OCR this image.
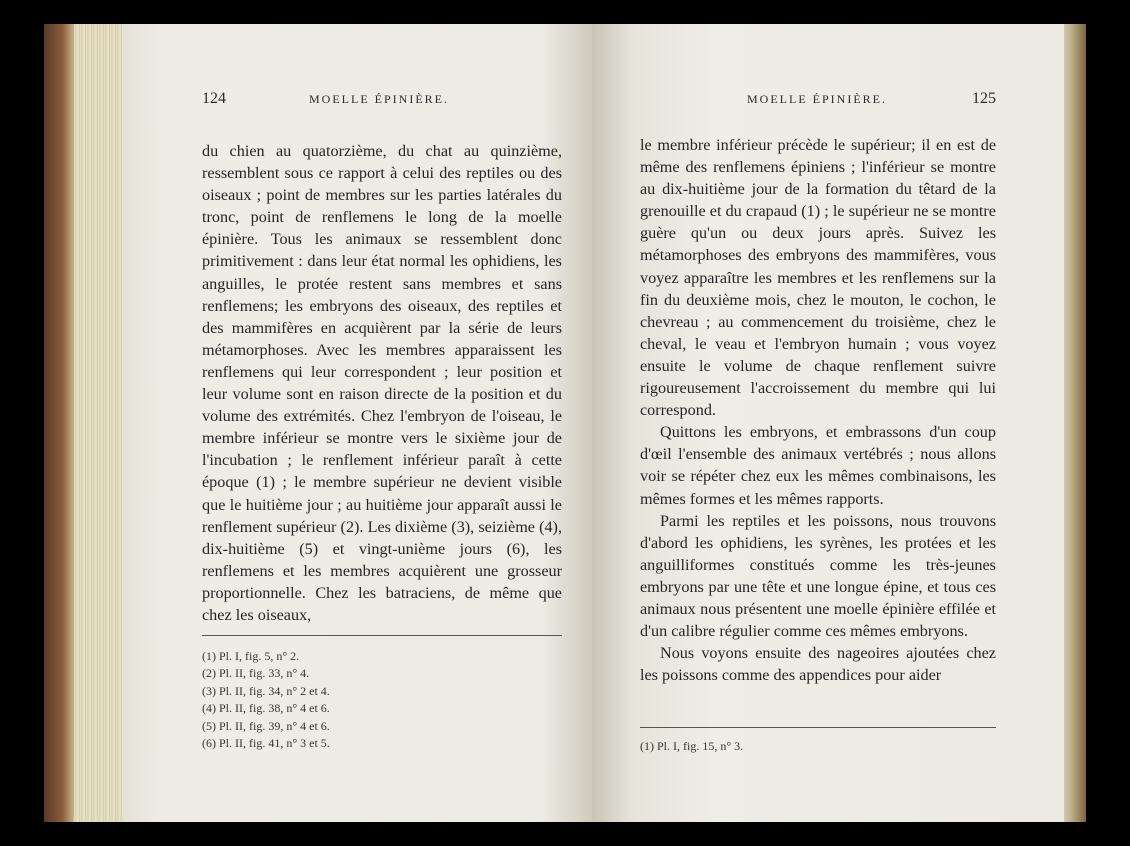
124	MOELLE ÉPINIÈRE.

du chien au quatorzième, du chat au quinzième, ressemblent sous ce rapport à celui des reptiles ou des oiseaux ; point de membres sur les parties latérales du tronc, point de renflemens le long de la moelle épinière. Tous les animaux se ressemblent donc primitivement : dans leur état normal les ophidiens, les anguilles, le protée restent sans membres et sans renflemens; les embryons des oiseaux, des reptiles et des mammifères en acquièrent par la série de leurs métamorphoses. Avec les membres apparaissent les renflemens qui leur correspondent ; leur position et leur volume sont en raison directe de la position et du volume des extrémités. Chez l'embryon de l'oiseau, le membre inférieur se montre vers le sixième jour de l'incubation ; le renflement inférieur paraît à cette époque (1) ; le membre supérieur ne devient visible que le huitième jour ; au huitième jour apparaît aussi le renflement supérieur (2). Les dixième (3), seizième (4), dix-huitième (5) et vingt-unième jours (6), les renflemens et les membres acquièrent une grosseur proportionnelle. Chez les batraciens, de même que chez les oiseaux,

(1) Pl. I, fig. 5, n° 2.
(2) Pl. II, fig. 33, n° 4.
(3) Pl. II, fig. 34, n° 2 et 4.
(4) Pl. II, fig. 38, n° 4 et 6.
(5) Pl. II, fig. 39, n° 4 et 6.
(6) Pl. II, fig. 41, n° 3 et 5.
MOELLE ÉPINIÈRE.	125

le membre inférieur précède le supérieur; il en est de même des renflemens épiniens ; l'inférieur se montre au dix-huitième jour de la formation du têtard de la grenouille et du crapaud (1) ; le supérieur ne se montre guère qu'un ou deux jours après. Suivez les métamorphoses des embryons des mammifères, vous voyez apparaître les membres et les renflemens sur la fin du deuxième mois, chez le mouton, le cochon, le chevreau ; au commencement du troisième, chez le cheval, le veau et l'embryon humain ; vous voyez ensuite le volume de chaque renflement suivre rigoureusement l'accroissement du membre qui lui correspond.

Quittons les embryons, et embrassons d'un coup d'œil l'ensemble des animaux vertébrés ; nous allons voir se répéter chez eux les mêmes combinaisons, les mêmes formes et les mêmes rapports.

Parmi les reptiles et les poissons, nous trouvons d'abord les ophidiens, les syrènes, les protées et les anguilliformes constitués comme les très-jeunes embryons par une tête et une longue épine, et tous ces animaux nous présentent une moelle épinière effilée et d'un calibre régulier comme ces mêmes embryons.

Nous voyons ensuite des nageoires ajoutées chez les poissons comme des appendices pour aider

(1) Pl. I, fig. 15, n° 3.
